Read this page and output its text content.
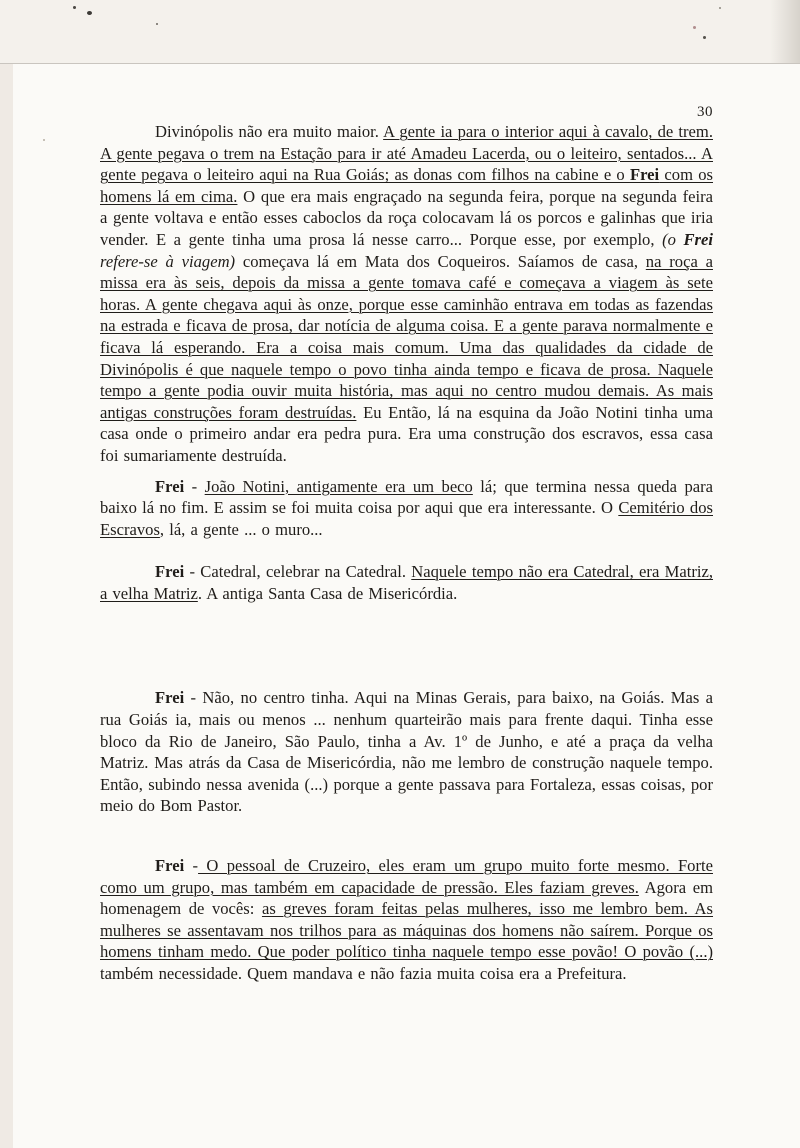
30

Divinópolis não era muito maior. A gente ia para o interior aqui à cavalo, de trem. A gente pegava o trem na Estação para ir até Amadeu Lacerda, ou o leiteiro, sentados... A gente pegava o leiteiro aqui na Rua Goiás; as donas com filhos na cabine e o Frei com os homens lá em cima. O que era mais engraçado na segunda feira, porque na segunda feira a gente voltava e então esses caboclos da roça colocavam lá os porcos e galinhas que iria vender. E a gente tinha uma prosa lá nesse carro... Porque esse, por exemplo, (o Frei refere-se à viagem) começava lá em Mata dos Coqueiros. Saíamos de casa, na roça a missa era às seis, depois da missa a gente tomava café e começava a viagem às sete horas. A gente chegava aqui às onze, porque esse caminhão entrava em todas as fazendas na estrada e ficava de prosa, dar notícia de alguma coisa. E a gente parava normalmente e ficava lá esperando. Era a coisa mais comum. Uma das qualidades da cidade de Divinópolis é que naquele tempo o povo tinha ainda tempo e ficava de prosa. Naquele tempo a gente podia ouvir muita história, mas aqui no centro mudou demais. As mais antigas construções foram destruídas. Eu Então, lá na esquina da João Notini tinha uma casa onde o primeiro andar era pedra pura. Era uma construção dos escravos, essa casa foi sumariamente destruída.

Frei - João Notini, antigamente era um beco lá; que termina nessa queda para baixo lá no fim. E assim se foi muita coisa por aqui que era interessante. O Cemitério dos Escravos, lá, a gente ... o muro...

Frei - Catedral, celebrar na Catedral. Naquele tempo não era Catedral, era Matriz, a velha Matriz. A antiga Santa Casa de Misericórdia.

Frei - Não, no centro tinha. Aqui na Minas Gerais, para baixo, na Goiás. Mas a rua Goiás ia, mais ou menos ... nenhum quarteirão mais para frente daqui. Tinha esse bloco da Rio de Janeiro, São Paulo, tinha a Av. 1º de Junho, e até a praça da velha Matriz. Mas atrás da Casa de Misericórdia, não me lembro de construção naquele tempo. Então, subindo nessa avenida (...) porque a gente passava para Fortaleza, essas coisas, por meio do Bom Pastor.

Frei - O pessoal de Cruzeiro, eles eram um grupo muito forte mesmo. Forte como um grupo, mas também em capacidade de pressão. Eles faziam greves. Agora em homenagem de vocês: as greves foram feitas pelas mulheres, isso me lembro bem. As mulheres se assentavam nos trilhos para as máquinas dos homens não saírem. Porque os homens tinham medo. Que poder político tinha naquele tempo esse povão! O povão (...) também necessidade. Quem mandava e não fazia muita coisa era a Prefeitura.
